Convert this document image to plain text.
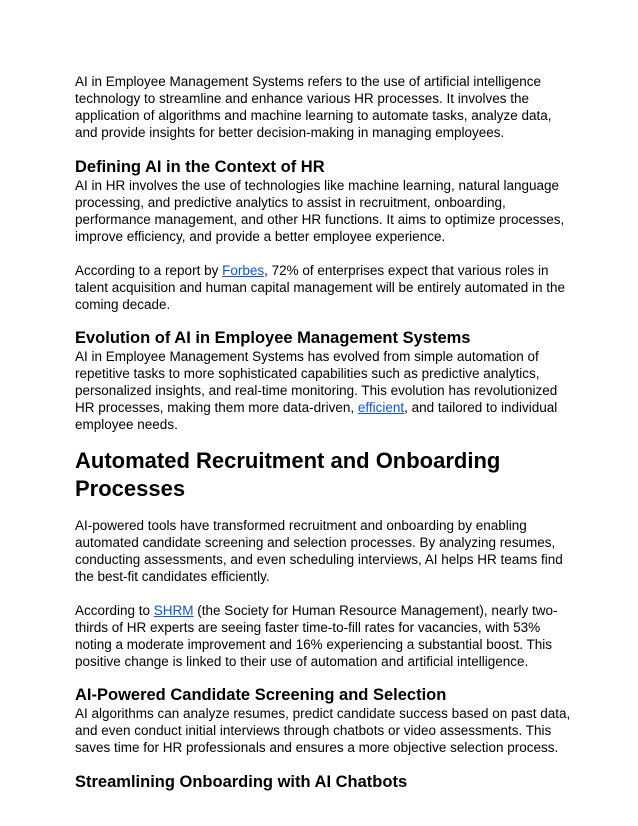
AI in Employee Management Systems refers to the use of artificial intelligence technology to streamline and enhance various HR processes. It involves the application of algorithms and machine learning to automate tasks, analyze data, and provide insights for better decision-making in managing employees.

Defining AI in the Context of HR

AI in HR involves the use of technologies like machine learning, natural language processing, and predictive analytics to assist in recruitment, onboarding, performance management, and other HR functions. It aims to optimize processes, improve efficiency, and provide a better employee experience.

According to a report by Forbes, 72% of enterprises expect that various roles in talent acquisition and human capital management will be entirely automated in the coming decade.

Evolution of AI in Employee Management Systems

AI in Employee Management Systems has evolved from simple automation of repetitive tasks to more sophisticated capabilities such as predictive analytics, personalized insights, and real-time monitoring. This evolution has revolutionized HR processes, making them more data-driven, efficient, and tailored to individual employee needs.

Automated Recruitment and Onboarding Processes

AI-powered tools have transformed recruitment and onboarding by enabling automated candidate screening and selection processes. By analyzing resumes, conducting assessments, and even scheduling interviews, AI helps HR teams find the best-fit candidates efficiently.

According to SHRM (the Society for Human Resource Management), nearly two-thirds of HR experts are seeing faster time-to-fill rates for vacancies, with 53% noting a moderate improvement and 16% experiencing a substantial boost. This positive change is linked to their use of automation and artificial intelligence.

AI-Powered Candidate Screening and Selection

AI algorithms can analyze resumes, predict candidate success based on past data, and even conduct initial interviews through chatbots or video assessments. This saves time for HR professionals and ensures a more objective selection process.

Streamlining Onboarding with AI Chatbots
